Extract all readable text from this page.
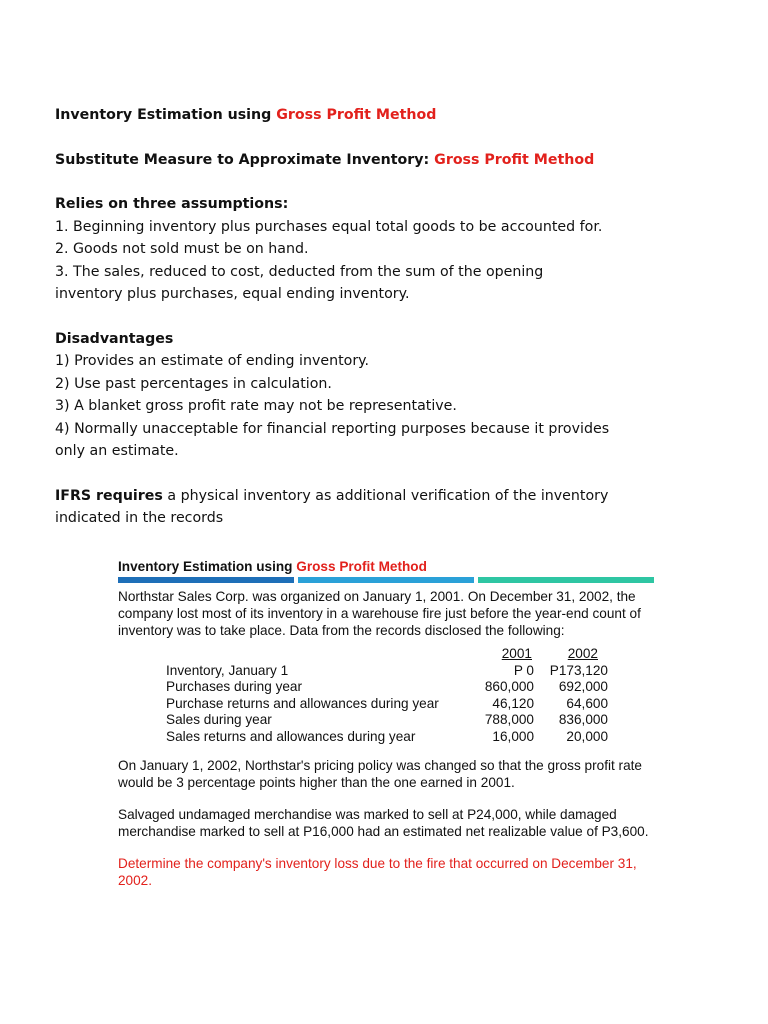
Inventory Estimation using Gross Profit Method

Substitute Measure to Approximate Inventory: Gross Profit Method

Relies on three assumptions:

1. Beginning inventory plus purchases equal total goods to be accounted for.

2. Goods not sold must be on hand.

3. The sales, reduced to cost, deducted from the sum of the opening inventory plus purchases, equal ending inventory.

Disadvantages

1) Provides an estimate of ending inventory.

2) Use past percentages in calculation.

3) A blanket gross profit rate may not be representative.

4) Normally unacceptable for financial reporting purposes because it provides only an estimate.

IFRS requires a physical inventory as additional verification of the inventory indicated in the records

Inventory Estimation using Gross Profit Method
Northstar Sales Corp. was organized on January 1, 2001. On December 31, 2002, the company lost most of its inventory in a warehouse fire just before the year-end count of inventory was to take place. Data from the records disclosed the following:
	2001	2002
Inventory, January 1	P 0	P173,120
Purchases during year	860,000	692,000
Purchase returns and allowances during year	46,120	64,600
Sales during year	788,000	836,000
Sales returns and allowances during year	16,000	20,000
On January 1, 2002, Northstar's pricing policy was changed so that the gross profit rate would be 3 percentage points higher than the one earned in 2001.
Salvaged undamaged merchandise was marked to sell at P24,000, while damaged merchandise marked to sell at P16,000 had an estimated net realizable value of P3,600.
Determine the company's inventory loss due to the fire that occurred on December 31, 2002.
